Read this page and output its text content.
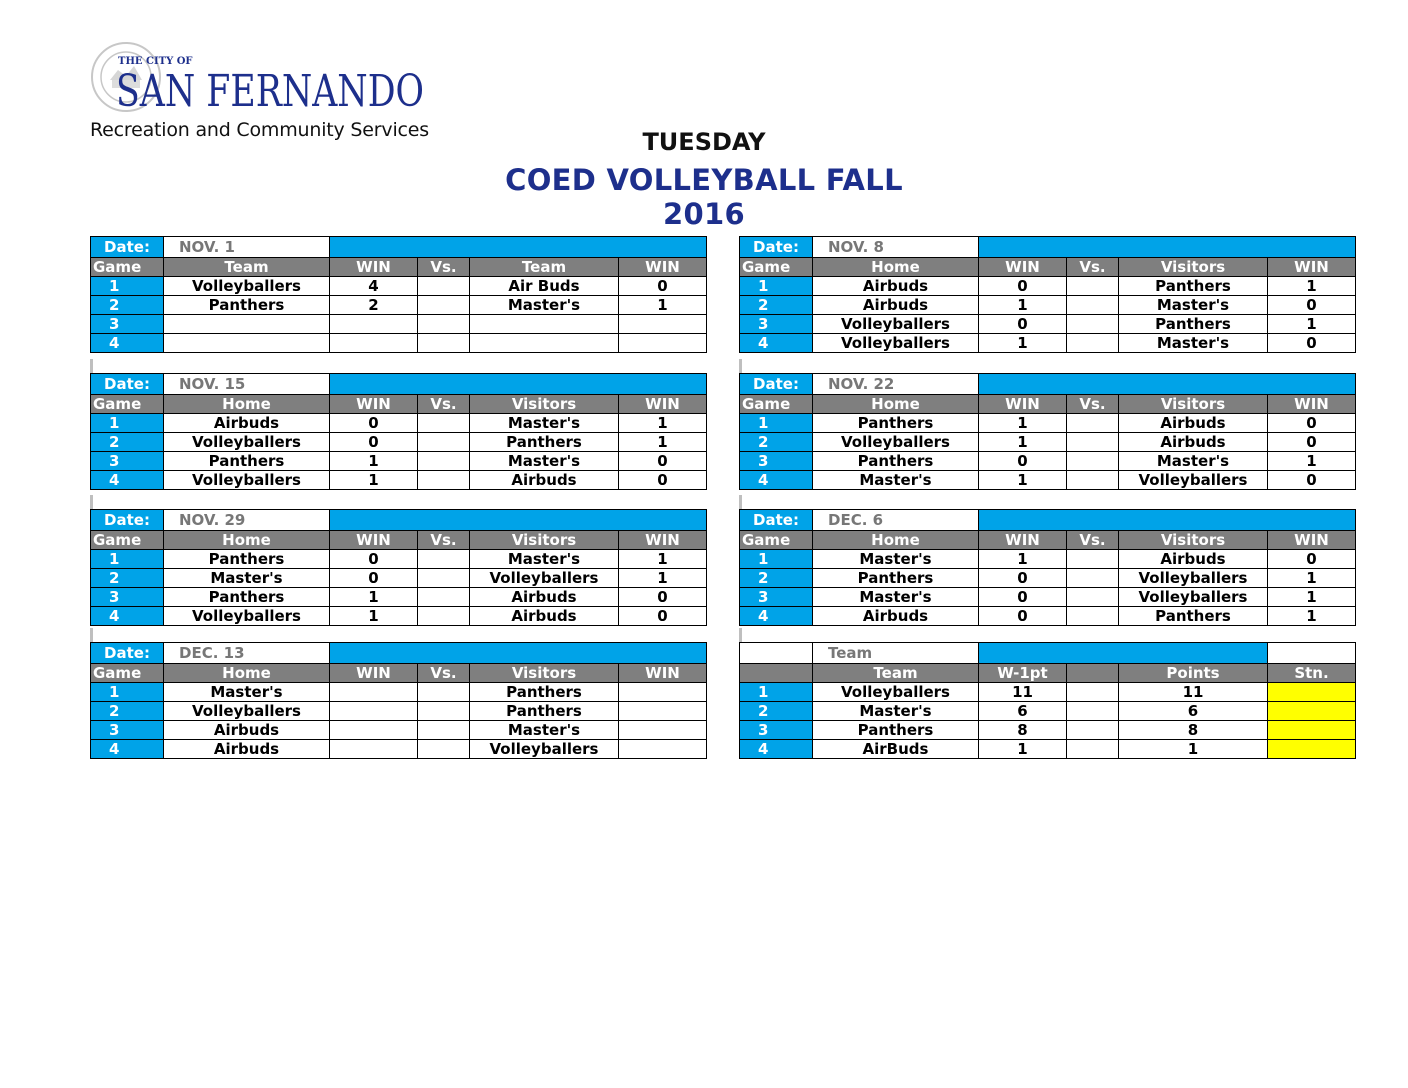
THE CITY OF
SAN FERNANDO
Recreation and Community Services	TUESDAY
COED VOLLEYBALL FALL 2016
Date:	NOV. 1				
Game	Team	WIN	Vs.	Team	WIN
1	Volleyballers	4		Air Buds	0
2	Panthers	2		Master's	1
3					
4					
Date:	NOV. 8				
Game	Home	WIN	Vs.	Visitors	WIN
1	Airbuds	0		Panthers	1
2	Airbuds	1		Master's	0
3	Volleyballers	0		Panthers	1
4	Volleyballers	1		Master's	0
Date:	NOV. 15				
Game	Home	WIN	Vs.	Visitors	WIN
1	Airbuds	0		Master's	1
2	Volleyballers	0		Panthers	1
3	Panthers	1		Master's	0
4	Volleyballers	1		Airbuds	0
Date:	NOV. 22				
Game	Home	WIN	Vs.	Visitors	WIN
1	Panthers	1		Airbuds	0
2	Volleyballers	1		Airbuds	0
3	Panthers	0		Master's	1
4	Master's	1		Volleyballers	0
Date:	NOV. 29				
Game	Home	WIN	Vs.	Visitors	WIN
1	Panthers	0		Master's	1
2	Master's	0		Volleyballers	1
3	Panthers	1		Airbuds	0
4	Volleyballers	1		Airbuds	0
Date:	DEC. 6				
Game	Home	WIN	Vs.	Visitors	WIN
1	Master's	1		Airbuds	0
2	Panthers	0		Volleyballers	1
3	Master's	0		Volleyballers	1
4	Airbuds	0		Panthers	1
Date:	DEC. 13				
Game	Home	WIN	Vs.	Visitors	WIN
1	Master's			Panthers	
2	Volleyballers			Panthers	
3	Airbuds			Master's	
4	Airbuds			Volleyballers	
	Team				
	Team	W-1pt		Points	Stn.
1	Volleyballers	11		11	
2	Master's	6		6	
3	Panthers	8		8	
4	AirBuds	1		1	
